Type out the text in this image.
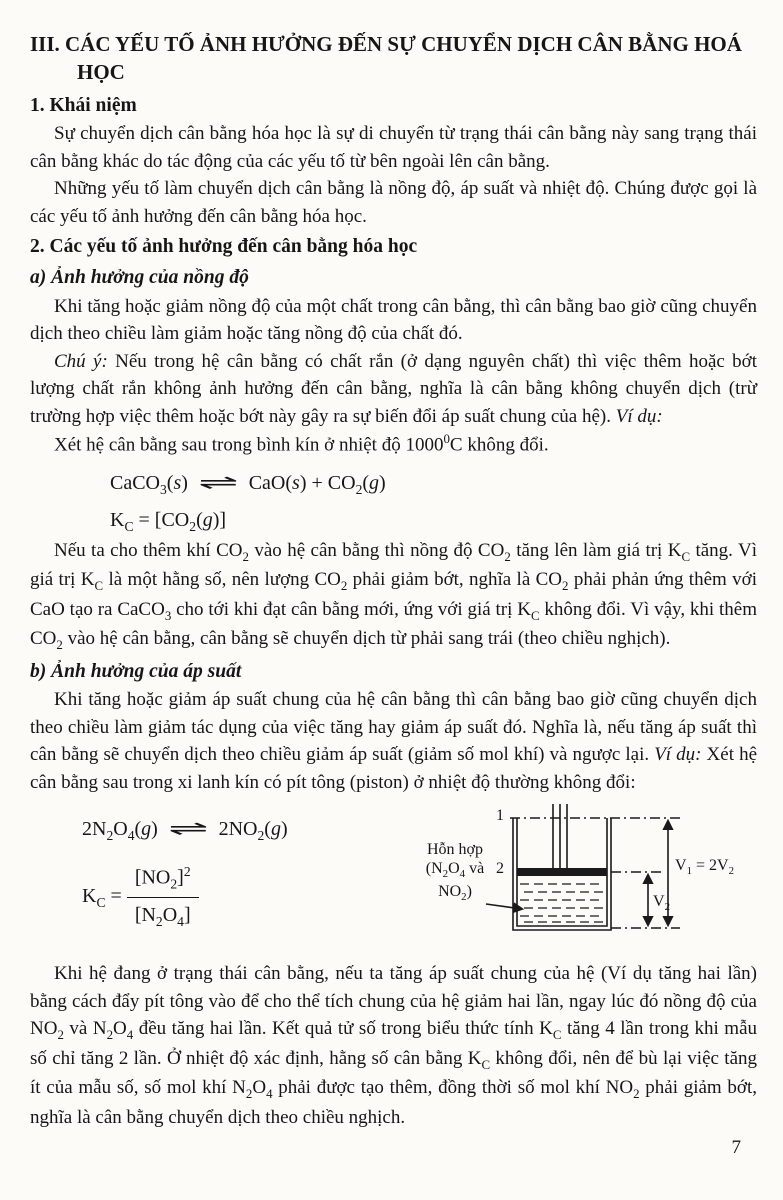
III. CÁC YẾU TỐ ẢNH HƯỞNG ĐẾN SỰ CHUYỂN DỊCH CÂN BẰNG HOÁ HỌC
1. Khái niệm

Sự chuyển dịch cân bằng hóa học là sự di chuyển từ trạng thái cân bằng này sang trạng thái cân bằng khác do tác động của các yếu tố từ bên ngoài lên cân bằng.

Những yếu tố làm chuyển dịch cân bằng là nồng độ, áp suất và nhiệt độ. Chúng được gọi là các yếu tố ảnh hưởng đến cân bằng hóa học.

2. Các yếu tố ảnh hưởng đến cân bằng hóa học
a) Ảnh hưởng của nồng độ

Khi tăng hoặc giảm nồng độ của một chất trong cân bằng, thì cân bằng bao giờ cũng chuyển dịch theo chiều làm giảm hoặc tăng nồng độ của chất đó.

Chú ý: Nếu trong hệ cân bằng có chất rắn (ở dạng nguyên chất) thì việc thêm hoặc bớt lượng chất rắn không ảnh hưởng đến cân bằng, nghĩa là cân bằng không chuyển dịch (trừ trường hợp việc thêm hoặc bớt này gây ra sự biến đổi áp suất chung của hệ). Ví dụ:

Xét hệ cân bằng sau trong bình kín ở nhiệt độ 1000$^0$C không đổi.

CaCO$_3$(s) ⇌ $CaO(s) + CO_2(g)$
$K_C = [CO_2(g)]$

Nếu ta cho thêm khí $CO_2$ vào hệ cân bằng thì nồng độ $CO_2$ tăng lên làm giá trị $K_C$ tăng. Vì giá trị $K_C$ là một hằng số, nên lượng $CO_2$ phải giảm bớt, nghĩa là $CO_2$ phải phản ứng thêm với CaO tạo ra CaCO$_3$ cho tới khi đạt cân bằng mới, ứng với giá trị $K_C$ không đổi. Vì vậy, khi thêm $CO_2$ vào hệ cân bằng, cân bằng sẽ chuyển dịch từ phải sang trái (theo chiều nghịch).

b) Ảnh hưởng của áp suất

Khi tăng hoặc giảm áp suất chung của hệ cân bằng thì cân bằng bao giờ cũng chuyển dịch theo chiều làm giảm tác dụng của việc tăng hay giảm áp suất đó. Nghĩa là, nếu tăng áp suất thì cân bằng sẽ chuyển dịch theo chiều giảm áp suất (giảm số mol khí) và ngược lại. Ví dụ: Xét hệ cân bằng sau trong xi lanh kín có pít tông (piston) ở nhiệt độ thường không đổi:

$2N_2O_4(g)$ ⇌ $2NO_2(g)$
$K_C = \frac{[NO_2]^2}{[N_2O_4]}$
Hỗn hợp ($N_2O_4$ và $NO_2$)
1
2	$V_1 = 2V_2$
$V_2$

Khi hệ đang ở trạng thái cân bằng, nếu ta tăng áp suất chung của hệ (Ví dụ tăng hai lần) bằng cách đẩy pít tông vào để cho thể tích chung của hệ giảm hai lần, ngay lúc đó nồng độ của $NO_2$ và $N_2O_4$ đều tăng hai lần. Kết quả tử số trong biểu thức tính $K_C$ tăng 4 lần trong khi mẫu số chỉ tăng 2 lần. Ở nhiệt độ xác định, hằng số cân bằng $K_C$ không đổi, nên để bù lại việc tăng ít của mẫu số, số mol khí $N_2O_4$ phải được tạo thêm, đồng thời số mol khí $NO_2$ phải giảm bớt, nghĩa là cân bằng chuyển dịch theo chiều nghịch.

7
